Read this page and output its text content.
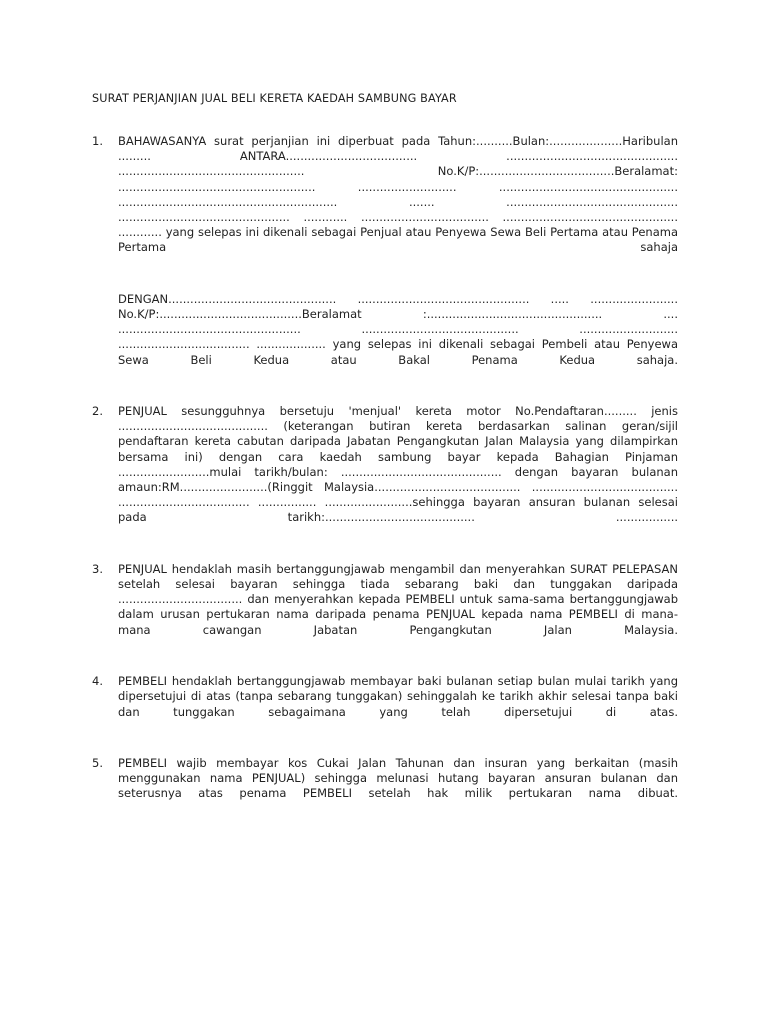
SURAT PERJANJIAN JUAL BELI KERETA KAEDAH SAMBUNG BAYAR
1.	BAHAWASANYA surat perjanjian ini diperbuat pada Tahun:..........Bulan:....................Haribulan ......... ANTARA.................................... ............................................... ................................................... No.K/P:.....................................Beralamat: ...................................................... ........................... ................................................. ............................................................ ....... ............................................... ............................................... ............ ................................... ................................................ ............ yang selepas ini dikenali sebagai Penjual atau Penyewa Sewa Beli Pertama atau Penama Pertama sahaja

DENGAN.............................................. ............................................... ..... ........................ No.K/P:.......................................Beralamat :................................................ .... .................................................. ........................................... ........................... .................................... ................... yang selepas ini dikenali sebagai Pembeli atau Penyewa Sewa Beli Kedua atau Bakal Penama Kedua sahaja.

2.	PENJUAL sesungguhnya bersetuju 'menjual' kereta motor No.Pendaftaran......... jenis ......................................... (keterangan butiran kereta berdasarkan salinan geran/sijil pendaftaran kereta cabutan daripada Jabatan Pengangkutan Jalan Malaysia yang dilampirkan bersama ini) dengan cara kaedah sambung bayar kepada Bahagian Pinjaman .........................mulai tarikh/bulan: ............................................ dengan bayaran bulanan amaun:RM........................(Ringgit Malaysia........................................ ........................................ .................................... ................ ........................sehingga bayaran ansuran bulanan selesai pada tarikh:......................................... .................

3.	PENJUAL hendaklah masih bertanggungjawab mengambil dan menyerahkan SURAT PELEPASAN setelah selesai bayaran sehingga tiada sebarang baki dan tunggakan daripada .................................. dan menyerahkan kepada PEMBELI untuk sama-sama bertanggungjawab dalam urusan pertukaran nama daripada penama PENJUAL kepada nama PEMBELI di mana-mana cawangan Jabatan Pengangkutan Jalan Malaysia.

4.	PEMBELI hendaklah bertanggungjawab membayar baki bulanan setiap bulan mulai tarikh yang dipersetujui di atas (tanpa sebarang tunggakan) sehinggalah ke tarikh akhir selesai tanpa baki dan tunggakan sebagaimana yang telah dipersetujui di atas.

5.	PEMBELI wajib membayar kos Cukai Jalan Tahunan dan insuran yang berkaitan (masih menggunakan nama PENJUAL) sehingga melunasi hutang bayaran ansuran bulanan dan seterusnya atas penama PEMBELI setelah hak milik pertukaran nama dibuat.
